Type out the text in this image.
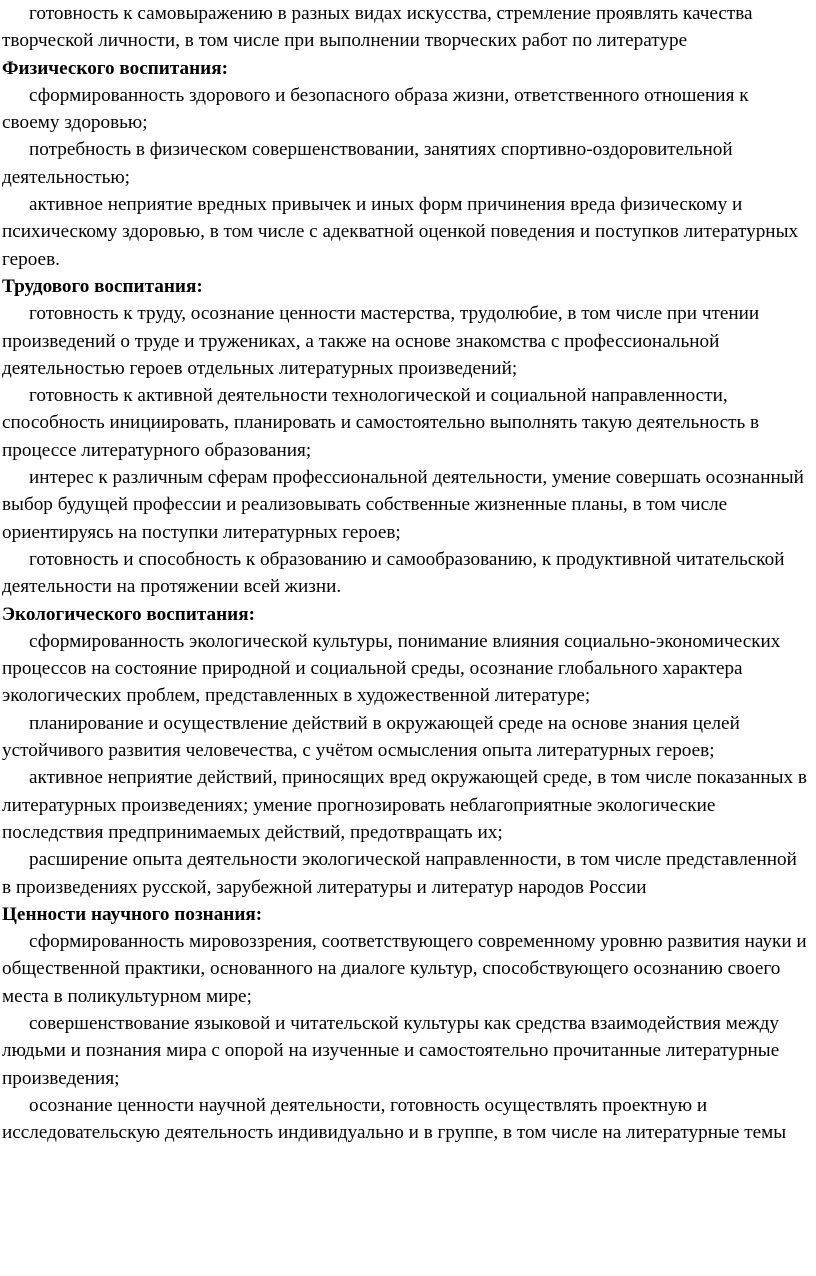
готовность к самовыражению в разных видах искусства, стремление проявлять качества творческой личности, в том числе при выполнении творческих работ по литературе

Физического воспитания:

сформированность здорового и безопасного образа жизни, ответственного отношения к своему здоровью;

потребность в физическом совершенствовании, занятиях спортивно-оздоровительной деятельностью;

активное неприятие вредных привычек и иных форм причинения вреда физическому и психическому здоровью, в том числе с адекватной оценкой поведения и поступков литературных героев.

Трудового воспитания:

готовность к труду, осознание ценности мастерства, трудолюбие, в том числе при чтении произведений о труде и тружениках, а также на основе знакомства с профессиональной деятельностью героев отдельных литературных произведений;

готовность к активной деятельности технологической и социальной направленности, способность инициировать, планировать и самостоятельно выполнять такую деятельность в процессе литературного образования;

интерес к различным сферам профессиональной деятельности, умение совершать осознанный выбор будущей профессии и реализовывать собственные жизненные планы, в том числе ориентируясь на поступки литературных героев;

готовность и способность к образованию и самообразованию, к продуктивной читательской деятельности на протяжении всей жизни.

Экологического воспитания:

сформированность экологической культуры, понимание влияния социально-экономических процессов на состояние природной и социальной среды, осознание глобального характера экологических проблем, представленных в художественной литературе;

планирование и осуществление действий в окружающей среде на основе знания целей устойчивого развития человечества, с учётом осмысления опыта литературных героев;

активное неприятие действий, приносящих вред окружающей среде, в том числе показанных в литературных произведениях; умение прогнозировать неблагоприятные экологические последствия предпринимаемых действий, предотвращать их;

расширение опыта деятельности экологической направленности, в том числе представленной в произведениях русской, зарубежной литературы и литератур народов России

Ценности научного познания:

сформированность мировоззрения, соответствующего современному уровню развития науки и общественной практики, основанного на диалоге культур, способствующего осознанию своего места в поликультурном мире;

совершенствование языковой и читательской культуры как средства взаимодействия между людьми и познания мира с опорой на изученные и самостоятельно прочитанные литературные произведения;

осознание ценности научной деятельности, готовность осуществлять проектную и исследовательскую деятельность индивидуально и в группе, в том числе на литературные темы
